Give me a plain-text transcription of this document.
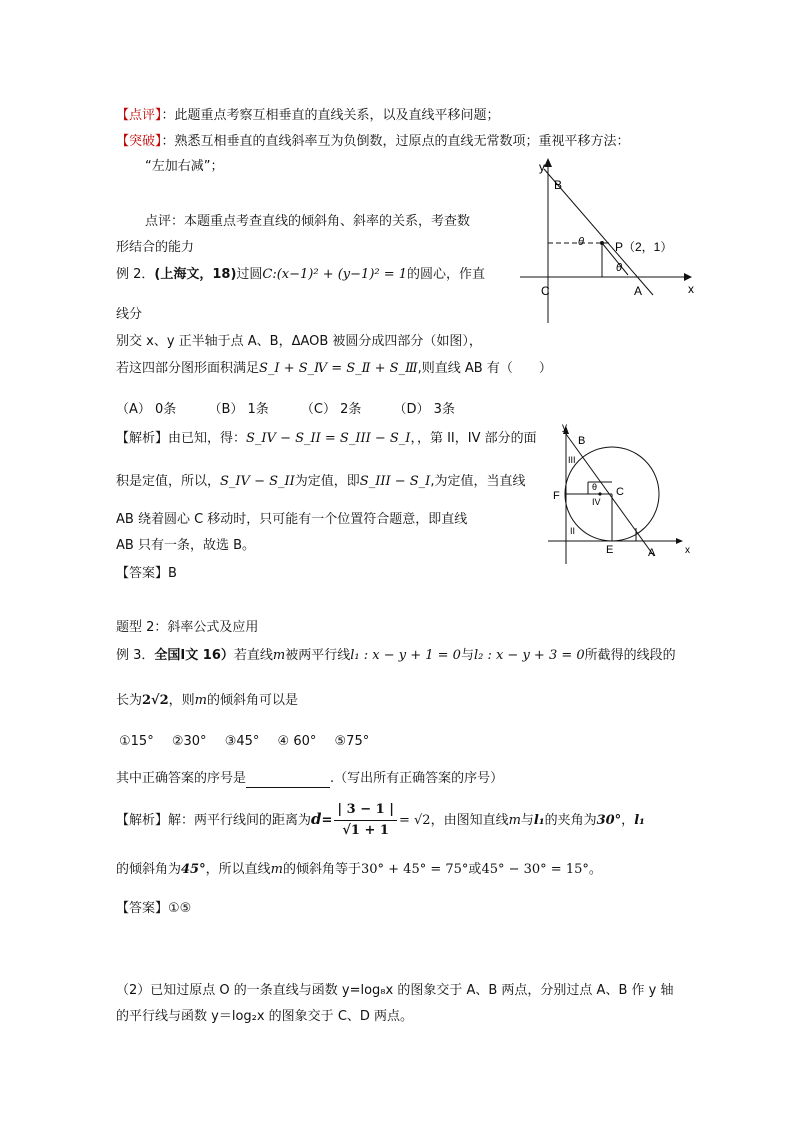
【点评】：此题重点考察互相垂直的直线关系，以及直线平移问题；
【突破】：熟悉互相垂直的直线斜率互为负倒数，过原点的直线无常数项；重视平移方法：
“左加右减”；
点评：本题重点考查直线的倾斜角、斜率的关系，考查数
形结合的能力
例 2．(上海文，18)过圆C:(x−1)² + (y−1)² = 1的圆心，作直
线分
别交 x、y 正半轴于点 A、B，ΔAOB 被圆分成四部分（如图），
若这四部分图形面积满足S_I + S_Ⅳ = S_Ⅱ + S_Ⅲ,则直线 AB 有（　　）
（A） 0条 （B） 1条 （C） 2条 （D） 3条
【解析】由已知，得：S_IV − S_II = S_III − S_I，，第 II，IV 部分的面
积是定值，所以，S_IV − S_II为定值，即S_III − S_I,为定值，当直线
AB 绕着圆心 C 移动时，只可能有一个位置符合题意，即直线
AB 只有一条，故选 B。
【答案】B
题型 2：斜率公式及应用
例 3．全国Ⅰ文 16）若直线m被两平行线l₁ : x − y + 1 = 0与l₂ : x − y + 3 = 0所截得的线段的
长为2√2，则m的倾斜角可以是
①15° ②30° ③45° ④ 60° ⑤75°
其中正确答案的序号是	.（写出所有正确答案的序号）
【解析】解：两平行线间的距离为$d= \frac{| 3 - 1 |}{√1 + 1} = √2$，由图知直线m与l₁的夹角为30°，l₁
的倾斜角为45°，所以直线m的倾斜角等于30° + 45° = 75°或45° − 30° = 15°。
【答案】①⑤
（2）已知过原点 O 的一条直线与函数 y=log₈x 的图象交于 A、B 两点，分别过点 A、B 作 y 轴
的平行线与函数 y＝log₂x 的图象交于 C、D 两点。
y
x
B
C	A
P（2，1）
θ
θ
y
x
B
F	C
E	A
θ
III
II
IV
